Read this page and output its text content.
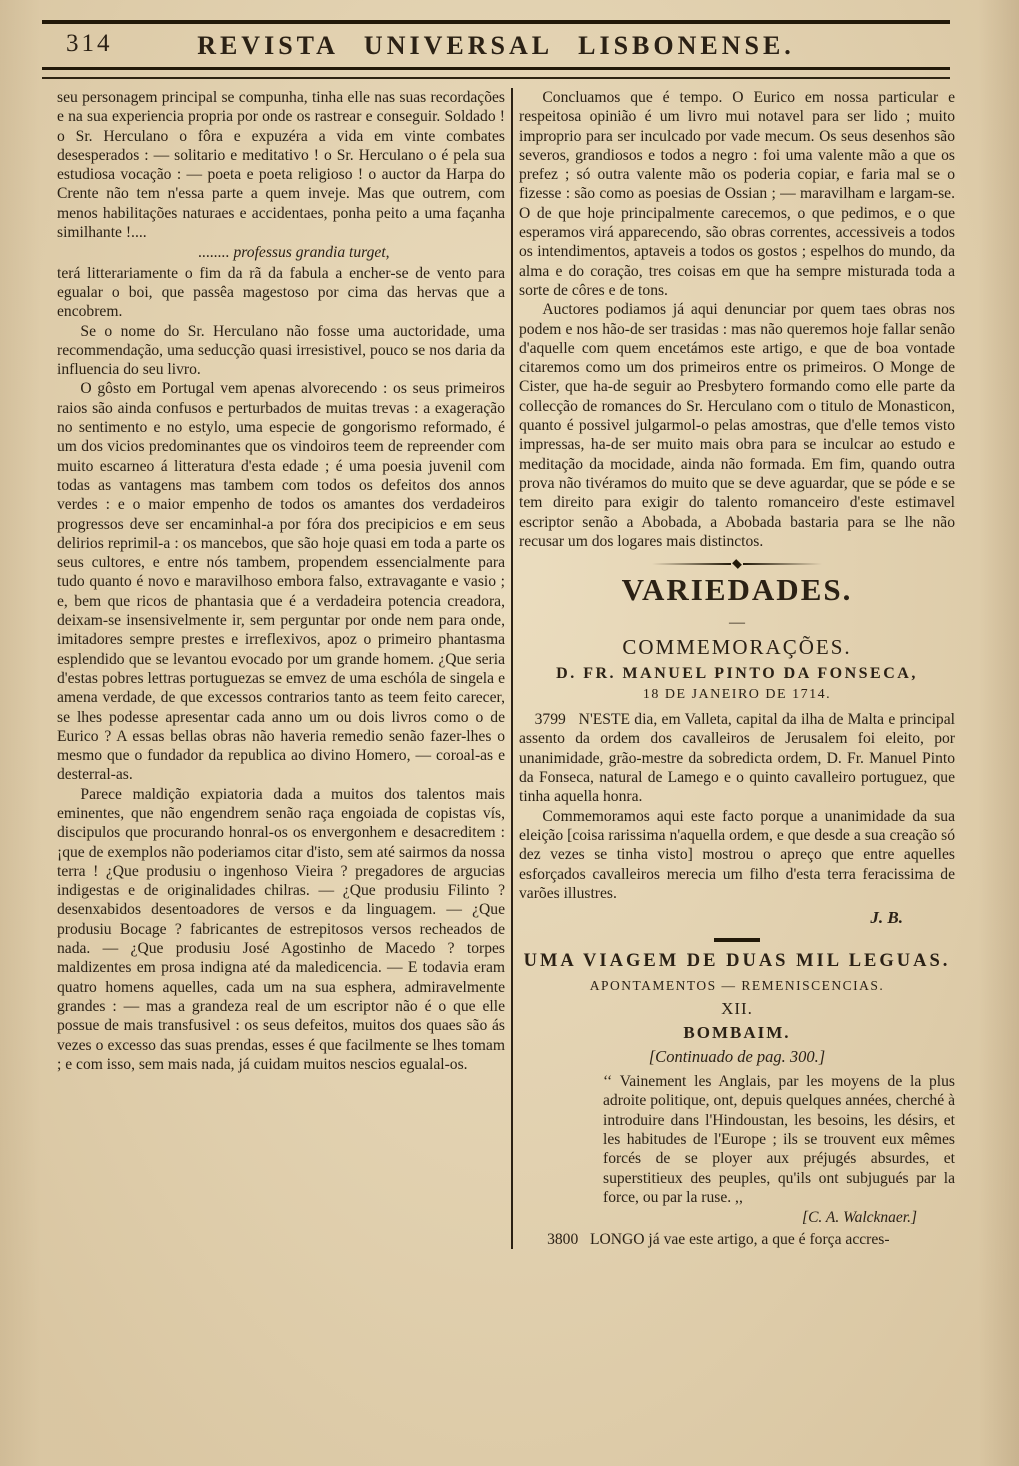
314	REVISTA UNIVERSAL LISBONENSE.

seu personagem principal se compunha, tinha elle nas suas recordações e na sua experiencia propria por onde os rastrear e conseguir. Soldado ! o Sr. Herculano o fôra e expuzéra a vida em vinte combates desesperados : — solitario e meditativo ! o Sr. Herculano o é pela sua estudiosa vocação : — poeta e poeta religioso ! o auctor da Harpa do Crente não tem n'essa parte a quem inveje. Mas que outrem, com menos habilitações naturaes e accidentaes, ponha peito a uma façanha similhante !....

........ professus grandia turget,

terá litterariamente o fim da rã da fabula a encher-se de vento para egualar o boi, que passêa magestoso por cima das hervas que a encobrem.

Se o nome do Sr. Herculano não fosse uma auctoridade, uma recommendação, uma seducção quasi irresistivel, pouco se nos daria da influencia do seu livro.

O gôsto em Portugal vem apenas alvorecendo : os seus primeiros raios são ainda confusos e perturbados de muitas trevas : a exageração no sentimento e no estylo, uma especie de gongorismo reformado, é um dos vicios predominantes que os vindoiros teem de repreender com muito escarneo á litteratura d'esta edade ; é uma poesia juvenil com todas as vantagens mas tambem com todos os defeitos dos annos verdes : e o maior empenho de todos os amantes dos verdadeiros progressos deve ser encaminhal-a por fóra dos precipicios e em seus delirios reprimil-a : os mancebos, que são hoje quasi em toda a parte os seus cultores, e entre nós tambem, propendem essencialmente para tudo quanto é novo e maravilhoso embora falso, extravagante e vasio ; e, bem que ricos de phantasia que é a verdadeira potencia creadora, deixam-se insensivelmente ir, sem perguntar por onde nem para onde, imitadores sempre prestes e irreflexivos, apoz o primeiro phantasma esplendido que se levantou evocado por um grande homem. ¿Que seria d'estas pobres lettras portuguezas se emvez de uma eschóla de singela e amena verdade, de que excessos contrarios tanto as teem feito carecer, se lhes podesse apresentar cada anno um ou dois livros como o de Eurico ? A essas bellas obras não haveria remedio senão fazer-lhes o mesmo que o fundador da republica ao divino Homero, — coroal-as e desterral-as.

Parece maldição expiatoria dada a muitos dos talentos mais eminentes, que não engendrem senão raça engoiada de copistas vís, discipulos que procurando honral-os os envergonhem e desacreditem : ¡que de exemplos não poderiamos citar d'isto, sem até sairmos da nossa terra ! ¿Que produsiu o ingenhoso Vieira ? pregadores de argucias indigestas e de originalidades chilras. — ¿Que produsiu Filinto ? desenxabidos desentoadores de versos e da linguagem. — ¿Que produsiu Bocage ? fabricantes de estrepitosos versos recheados de nada. — ¿Que produsiu José Agostinho de Macedo ? torpes maldizentes em prosa indigna até da maledicencia. — E todavia eram quatro homens aquelles, cada um na sua esphera, admiravelmente grandes : — mas a grandeza real de um escriptor não é o que elle possue de mais transfusivel : os seus defeitos, muitos dos quaes são ás vezes o excesso das suas prendas, esses é que facilmente se lhes tomam ; e com isso, sem mais nada, já cuidam muitos nescios egualal-os.

Concluamos que é tempo. O Eurico em nossa particular e respeitosa opinião é um livro mui notavel para ser lido ; muito improprio para ser inculcado por vade mecum. Os seus desenhos são severos, grandiosos e todos a negro : foi uma valente mão a que os prefez ; só outra valente mão os poderia copiar, e faria mal se o fizesse : são como as poesias de Ossian ; — maravilham e largam-se. O de que hoje principalmente carecemos, o que pedimos, e o que esperamos virá apparecendo, são obras correntes, accessiveis a todos os intendimentos, aptaveis a todos os gostos ; espelhos do mundo, da alma e do coração, tres coisas em que ha sempre misturada toda a sorte de côres e de tons.

Auctores podiamos já aqui denunciar por quem taes obras nos podem e nos hão-de ser trasidas : mas não queremos hoje fallar senão d'aquelle com quem encetámos este artigo, e que de boa vontade citaremos como um dos primeiros entre os primeiros. O Monge de Cister, que ha-de seguir ao Presbytero formando como elle parte da collecção de romances do Sr. Herculano com o titulo de Monasticon, quanto é possivel julgarmol-o pelas amostras, que d'elle temos visto impressas, ha-de ser muito mais obra para se inculcar ao estudo e meditação da mocidade, ainda não formada. Em fim, quando outra prova não tivéramos do muito que se deve aguardar, que se póde e se tem direito para exigir do talento romanceiro d'este estimavel escriptor senão a Abobada, a Abobada bastaria para se lhe não recusar um dos logares mais distinctos.

VARIEDADES.
—
COMMEMORAÇÕES.
D. FR. MANUEL PINTO DA FONSECA,
18 DE JANEIRO DE 1714.

3799   N'ESTE dia, em Valleta, capital da ilha de Malta e principal assento da ordem dos cavalleiros de Jerusalem foi eleito, por unanimidade, grão-mestre da sobredicta ordem, D. Fr. Manuel Pinto da Fonseca, natural de Lamego e o quinto cavalleiro portuguez, que tinha aquella honra.

Commemoramos aqui este facto porque a unanimidade da sua eleição [coisa rarissima n'aquella ordem, e que desde a sua creação só dez vezes se tinha visto] mostrou o apreço que entre aquelles esforçados cavalleiros merecia um filho d'esta terra feracissima de varões illustres.

J. B.
UMA VIAGEM DE DUAS MIL LEGUAS.
APONTAMENTOS — REMENISCENCIAS.
XII.
BOMBAIM.
[Continuado de pag. 300.]

‘‘ Vainement les Anglais, par les moyens de la plus adroite politique, ont, depuis quelques années, cherché à introduire dans l'Hindoustan, les besoins, les désirs, et les habitudes de l'Europe ; ils se trouvent eux mêmes forcés de se ployer aux préjugés absurdes, et superstitieux des peuples, qu'ils ont subjugués par la force, ou par la ruse. ,,

[C. A. Walcknaer.]

3800   LONGO já vae este artigo, a que é força accres-
